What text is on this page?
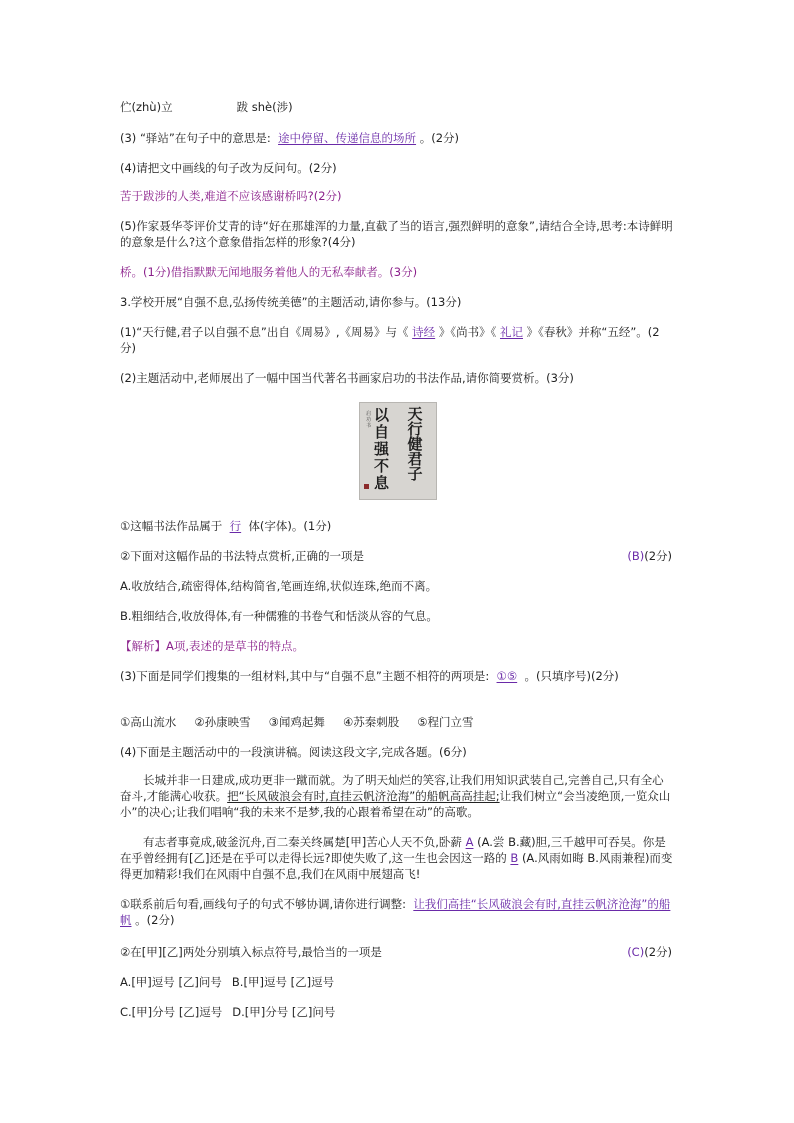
伫(zhù)立	跋 shè(涉)
(3) “驿站”在句子中的意思是: 途中停留、传递信息的场所 。(2分)
(4)请把文中画线的句子改为反问句。(2分)
苦于跋涉的人类,难道不应该感谢桥吗?(2分)
(5)作家聂华苓评价艾青的诗“好在那雄浑的力量,直截了当的语言,强烈鲜明的意象”,请结合全诗,思考:本诗鲜明的意象是什么?这个意象借指怎样的形象?(4分)
桥。(1分)借指默默无闻地服务着他人的无私奉献者。(3分)
3.学校开展“自强不息,弘扬传统美德”的主题活动,请你参与。(13分)
(1)“天行健,君子以自强不息”出自《周易》,《周易》与《 诗经 》《尚书》《 礼记 》《春秋》并称“五经”。(2分)
(2)主题活动中,老师展出了一幅中国当代著名书画家启功的书法作品,请你简要赏析。(3分)
天
行
健
君
子
以
自
强
不
息
启
功
书
①这幅书法作品属于 行 体(字体)。(1分)
②下面对这幅作品的书法特点赏析,正确的一项是	(B)(2分)
A.收放结合,疏密得体,结构简省,笔画连绵,状似连珠,绝而不离。
B.粗细结合,收放得体,有一种儒雅的书卷气和恬淡从容的气息。
【解析】A项,表述的是草书的特点。
(3)下面是同学们搜集的一组材料,其中与“自强不息”主题不相符的两项是: ①⑤ 。(只填序号)(2分)
①高山流水 ②孙康映雪 ③闻鸡起舞 ④苏秦刺股 ⑤程门立雪
(4)下面是主题活动中的一段演讲稿。阅读这段文字,完成各题。(6分)
长城并非一日建成,成功更非一蹴而就。为了明天灿烂的笑容,让我们用知识武装自己,完善自己,只有全心奋斗,才能满心收获。把“长风破浪会有时,直挂云帆济沧海”的船帆高高挂起;让我们树立“会当凌绝顶,一览众山小”的决心;让我们唱响“我的未来不是梦,我的心跟着希望在动”的高歌。
有志者事竟成,破釜沉舟,百二秦关终属楚[甲]苦心人天不负,卧薪 A (A.尝 B.藏)胆,三千越甲可吞吴。你是在乎曾经拥有[乙]还是在乎可以走得长远?即使失败了,这一生也会因这一路的 B (A.风雨如晦 B.风雨兼程)而变得更加精彩!我们在风雨中自强不息,我们在风雨中展翅高飞!
①联系前后句看,画线句子的句式不够协调,请你进行调整: 让我们高挂“长风破浪会有时,直挂云帆济沧海”的船帆 。(2分)
②在[甲][乙]两处分别填入标点符号,最恰当的一项是	(C)(2分)
A.[甲]逗号 [乙]问号 B.[甲]逗号 [乙]逗号
C.[甲]分号 [乙]逗号 D.[甲]分号 [乙]问号
